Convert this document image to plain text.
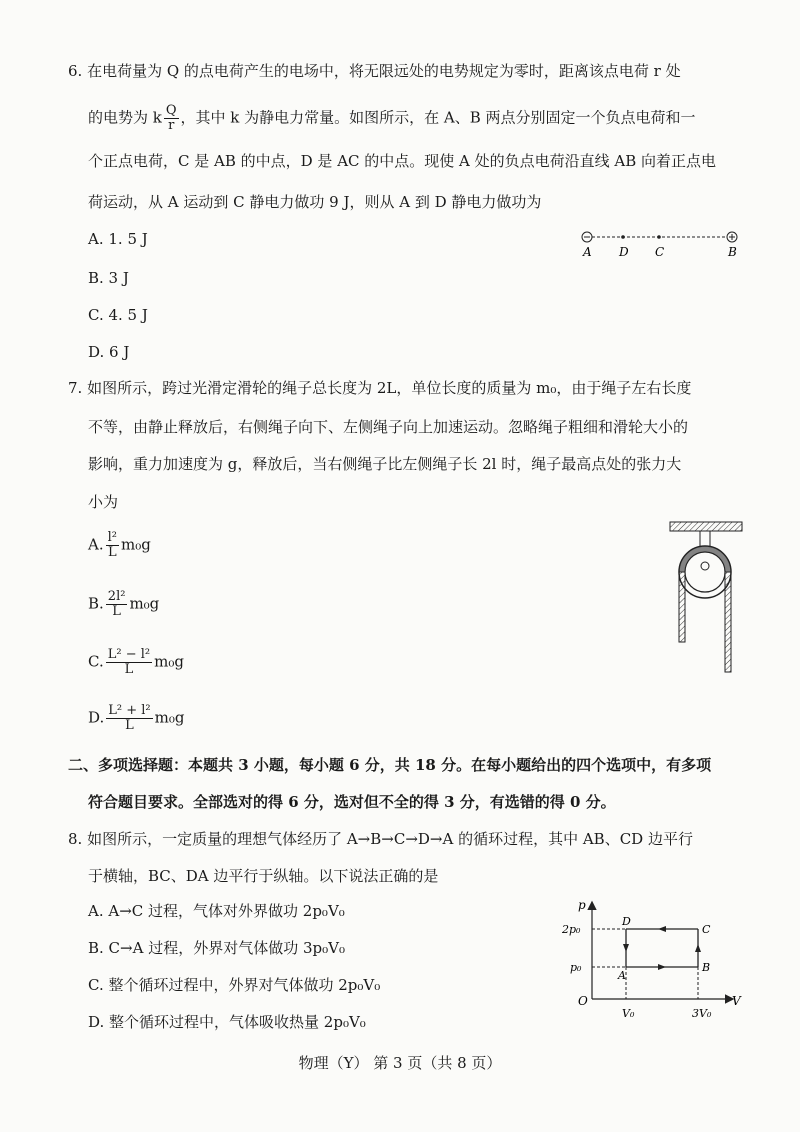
6. 在电荷量为 Q 的点电荷产生的电场中，将无限远处的电势规定为零时，距离该点电荷 r 处
的电势为 k $\frac{Q}{r}$ ，其中 k 为静电力常量。如图所示，在 A、B 两点分别固定一个负点电荷和一
个正点电荷，C 是 AB 的中点，D 是 AC 的中点。现使 A 处的负点电荷沿直线 AB 向着正点电
荷运动，从 A 运动到 C 静电力做功 9 J，则从 A 到 D 静电力做功为
A. 1. 5 J
B. 3 J
C. 4. 5 J
D. 6 J
A D C	B
7. 如图所示，跨过光滑定滑轮的绳子总长度为 2L，单位长度的质量为 m₀，由于绳子左右长度
不等，由静止释放后，右侧绳子向下、左侧绳子向上加速运动。忽略绳子粗细和滑轮大小的
影响，重力加速度为 g，释放后，当右侧绳子比左侧绳子长 2l 时，绳子最高点处的张力大
小为
A. $\frac{\text{l²}}{L} m_0g$
B. $\frac{\text{2l²}}{L} m_0g$
C. $\frac{\text{L² − l²}}{L} m_0g$
D. $\frac{\text{L² + l²}}{L} m_0g$
二、多项选择题：本题共 3 小题，每小题 6 分，共 18 分。在每小题给出的四个选项中，有多项
符合题目要求。全部选对的得 6 分，选对但不全的得 3 分，有选错的得 0 分。
8. 如图所示，一定质量的理想气体经历了 A→B→C→D→A 的循环过程，其中 AB、CD 边平行
于横轴，BC、DA 边平行于纵轴。以下说法正确的是
A. A→C 过程，气体对外界做功 2p₀V₀
B. C→A 过程，外界对气体做功 3p₀V₀
C. 整个循环过程中，外界对气体做功 2p₀V₀
D. 整个循环过程中，气体吸收热量 2p₀V₀
p
V
O
2p₀
p₀
V₀	3V₀
A
B
C
D
物理（Y） 第 3 页（共 8 页）
